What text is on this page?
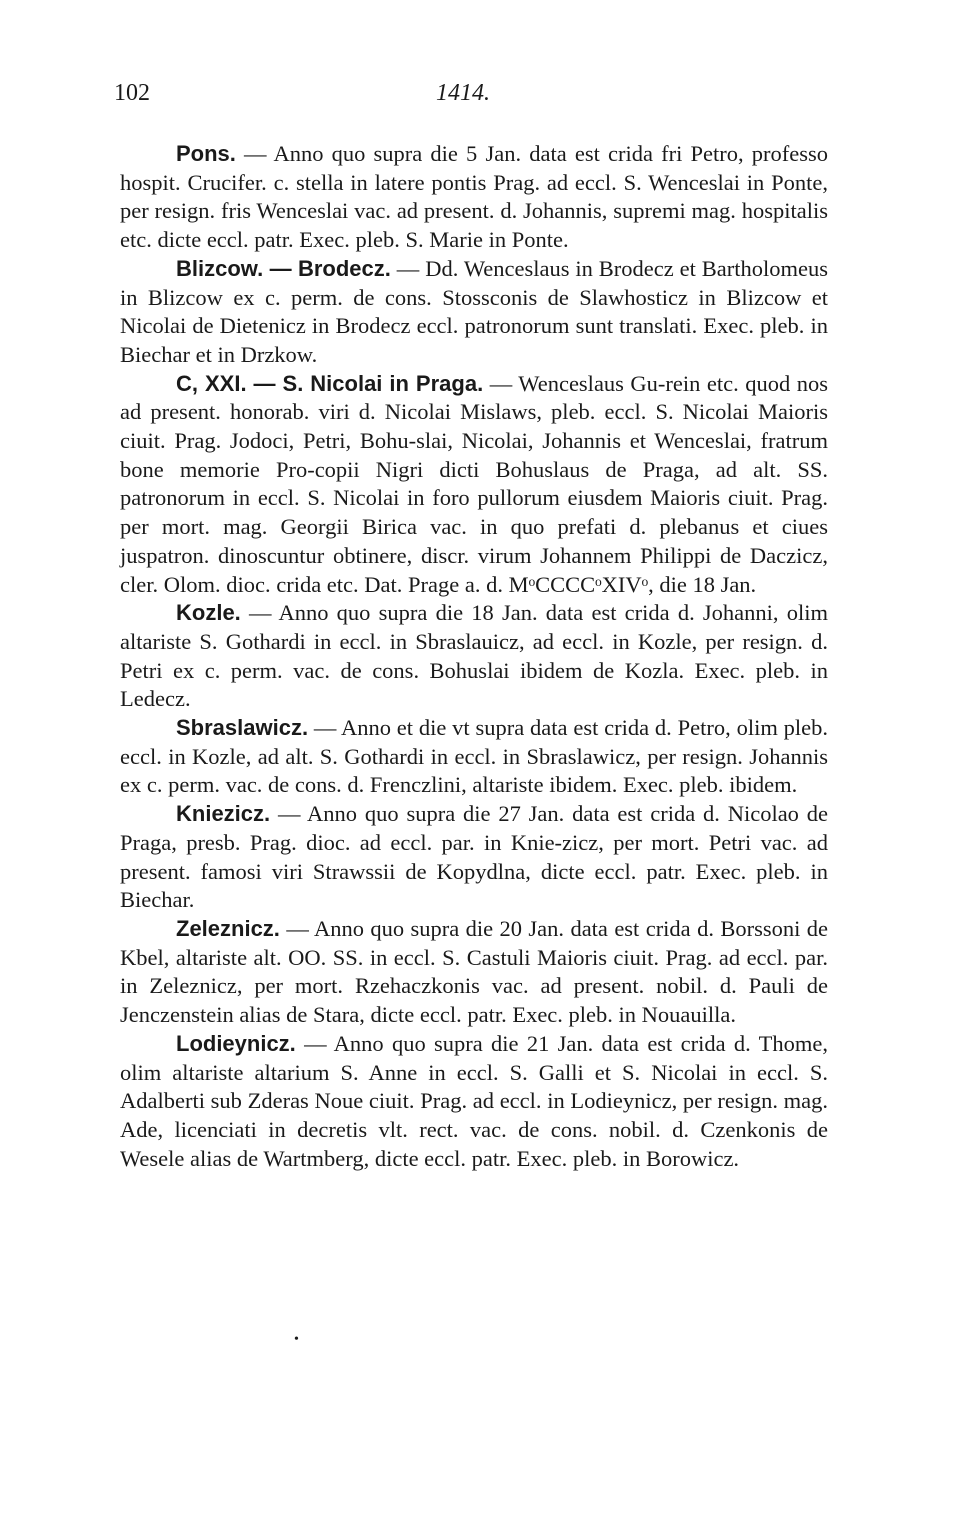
102	1414.

Pons. — Anno quo supra die 5 Jan. data est crida fri Petro, professo hospit. Crucifer. c. stella in latere pontis Prag. ad eccl. S. Wenceslai in Ponte, per resign. fris Wenceslai vac. ad present. d. Johannis, supremi mag. hospitalis etc. dicte eccl. patr. Exec. pleb. S. Marie in Ponte.

Blizcow. — Brodecz. — Dd. Wenceslaus in Brodecz et Bartholomeus in Blizcow ex c. perm. de cons. Stossconis de Slawhosticz in Blizcow et Nicolai de Dietenicz in Brodecz eccl. patronorum sunt translati. Exec. pleb. in Biechar et in Drzkow.

C, XXI. — S. Nicolai in Praga. — Wenceslaus Gu-rein etc. quod nos ad present. honorab. viri d. Nicolai Mislaws, pleb. eccl. S. Nicolai Maioris ciuit. Prag. Jodoci, Petri, Bohu-slai, Nicolai, Johannis et Wenceslai, fratrum bone memorie Pro-copii Nigri dicti Bohuslaus de Praga, ad alt. SS. patronorum in eccl. S. Nicolai in foro pullorum eiusdem Maioris ciuit. Prag. per mort. mag. Georgii Birica vac. in quo prefati d. plebanus et ciues juspatron. dinoscuntur obtinere, discr. virum Johannem Philippi de Daczicz, cler. Olom. dioc. crida etc. Dat. Prage a. d. MᵒCCCCᵒXIVᵒ, die 18 Jan.

Kozle. — Anno quo supra die 18 Jan. data est crida d. Johanni, olim altariste S. Gothardi in eccl. in Sbraslauicz, ad eccl. in Kozle, per resign. d. Petri ex c. perm. vac. de cons. Bohuslai ibidem de Kozla. Exec. pleb. in Ledecz.

Sbraslawicz. — Anno et die vt supra data est crida d. Petro, olim pleb. eccl. in Kozle, ad alt. S. Gothardi in eccl. in Sbraslawicz, per resign. Johannis ex c. perm. vac. de cons. d. Frenczlini, altariste ibidem. Exec. pleb. ibidem.

Kniezicz. — Anno quo supra die 27 Jan. data est crida d. Nicolao de Praga, presb. Prag. dioc. ad eccl. par. in Knie-zicz, per mort. Petri vac. ad present. famosi viri Strawssii de Kopydlna, dicte eccl. patr. Exec. pleb. in Biechar.

Zeleznicz. — Anno quo supra die 20 Jan. data est crida d. Borssoni de Kbel, altariste alt. OO. SS. in eccl. S. Castuli Maioris ciuit. Prag. ad eccl. par. in Zeleznicz, per mort. Rzehaczkonis vac. ad present. nobil. d. Pauli de Jenczenstein alias de Stara, dicte eccl. patr. Exec. pleb. in Nouauilla.

Lodieynicz. — Anno quo supra die 21 Jan. data est crida d. Thome, olim altariste altarium S. Anne in eccl. S. Galli et S. Nicolai in eccl. S. Adalberti sub Zderas Noue ciuit. Prag. ad eccl. in Lodieynicz, per resign. mag. Ade, licenciati in decretis vlt. rect. vac. de cons. nobil. d. Czenkonis de Wesele alias de Wartmberg, dicte eccl. patr. Exec. pleb. in Borowicz.

•
